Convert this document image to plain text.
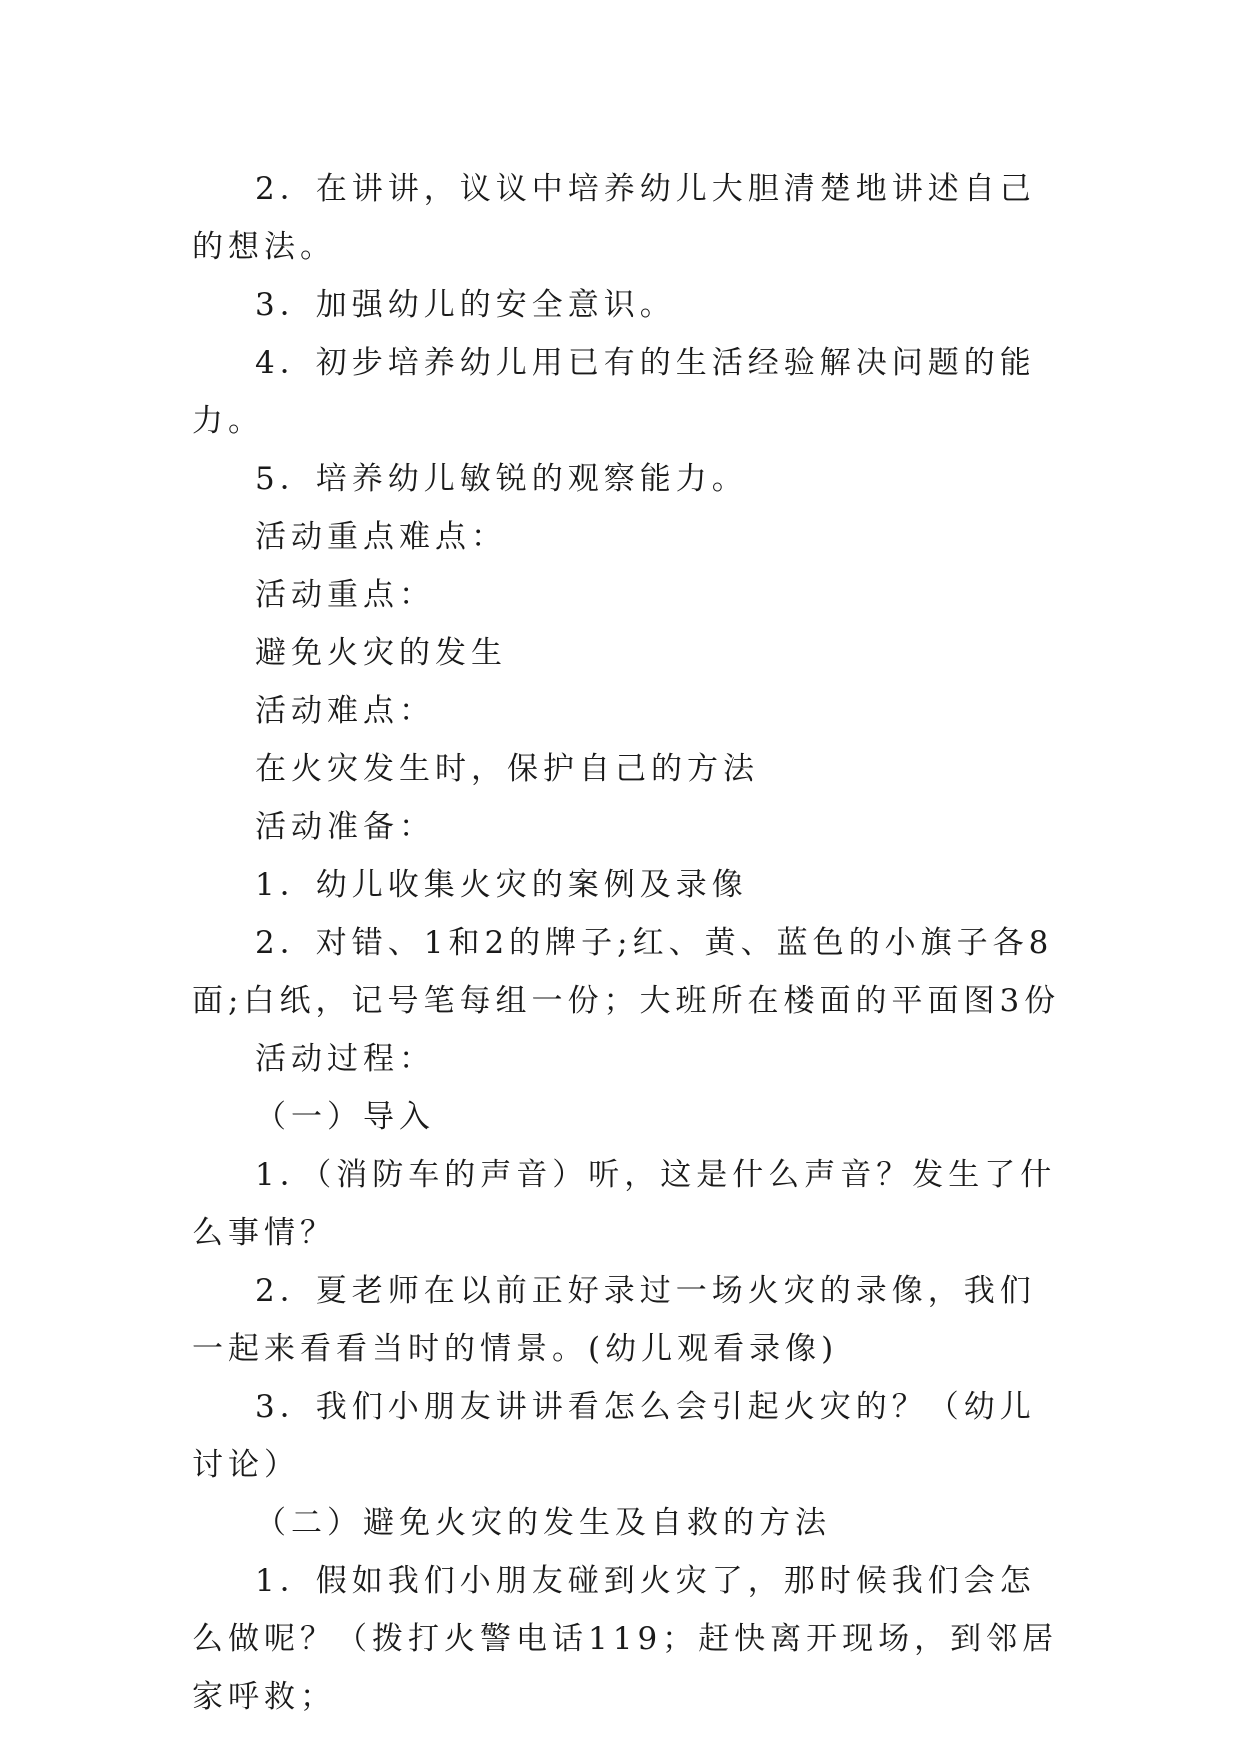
2．在讲讲，议议中培养幼儿大胆清楚地讲述自己的想法。

3．加强幼儿的安全意识。

4．初步培养幼儿用已有的生活经验解决问题的能力。

5．培养幼儿敏锐的观察能力。

活动重点难点：

活动重点：

避免火灾的发生

活动难点：

在火灾发生时，保护自己的方法

活动准备：

1．幼儿收集火灾的案例及录像

2．对错、1和2的牌子;红、黄、蓝色的小旗子各8面;白纸，记号笔每组一份；大班所在楼面的平面图3份

活动过程：

（一）导入

1．（消防车的声音）听，这是什么声音？发生了什么事情？

2．夏老师在以前正好录过一场火灾的录像，我们一起来看看当时的情景。(幼儿观看录像)

3．我们小朋友讲讲看怎么会引起火灾的？（幼儿讨论）

（二）避免火灾的发生及自救的方法

1．假如我们小朋友碰到火灾了，那时候我们会怎么做呢？（拨打火警电话119；赶快离开现场，到邻居家呼救；
